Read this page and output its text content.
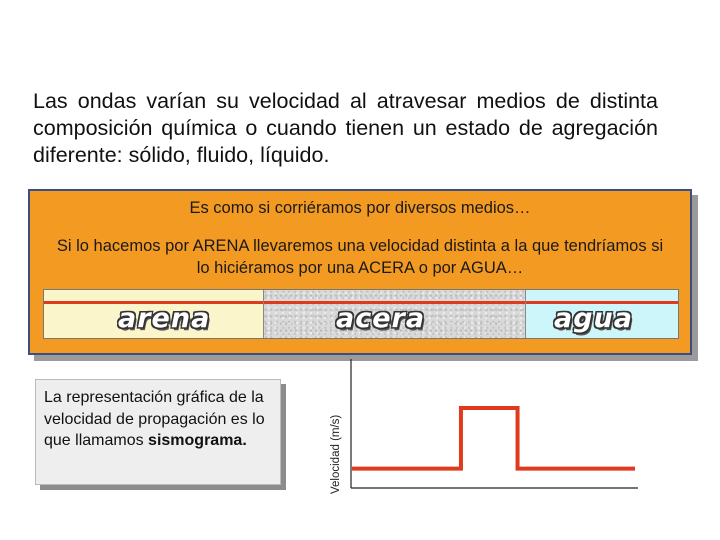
Las ondas varían su velocidad al atravesar medios de distinta composición química o cuando tienen un estado de agregación diferente: sólido, fluido, líquido.
Es como si corriéramos por diversos medios…
Si lo hacemos por ARENA llevaremos una velocidad distinta a la que tendríamos si lo hiciéramos por una ACERA o por AGUA…
arena	acera	agua
La representación gráfica de la velocidad de propagación es lo que llamamos sismograma.	Velocidad (m/s)
